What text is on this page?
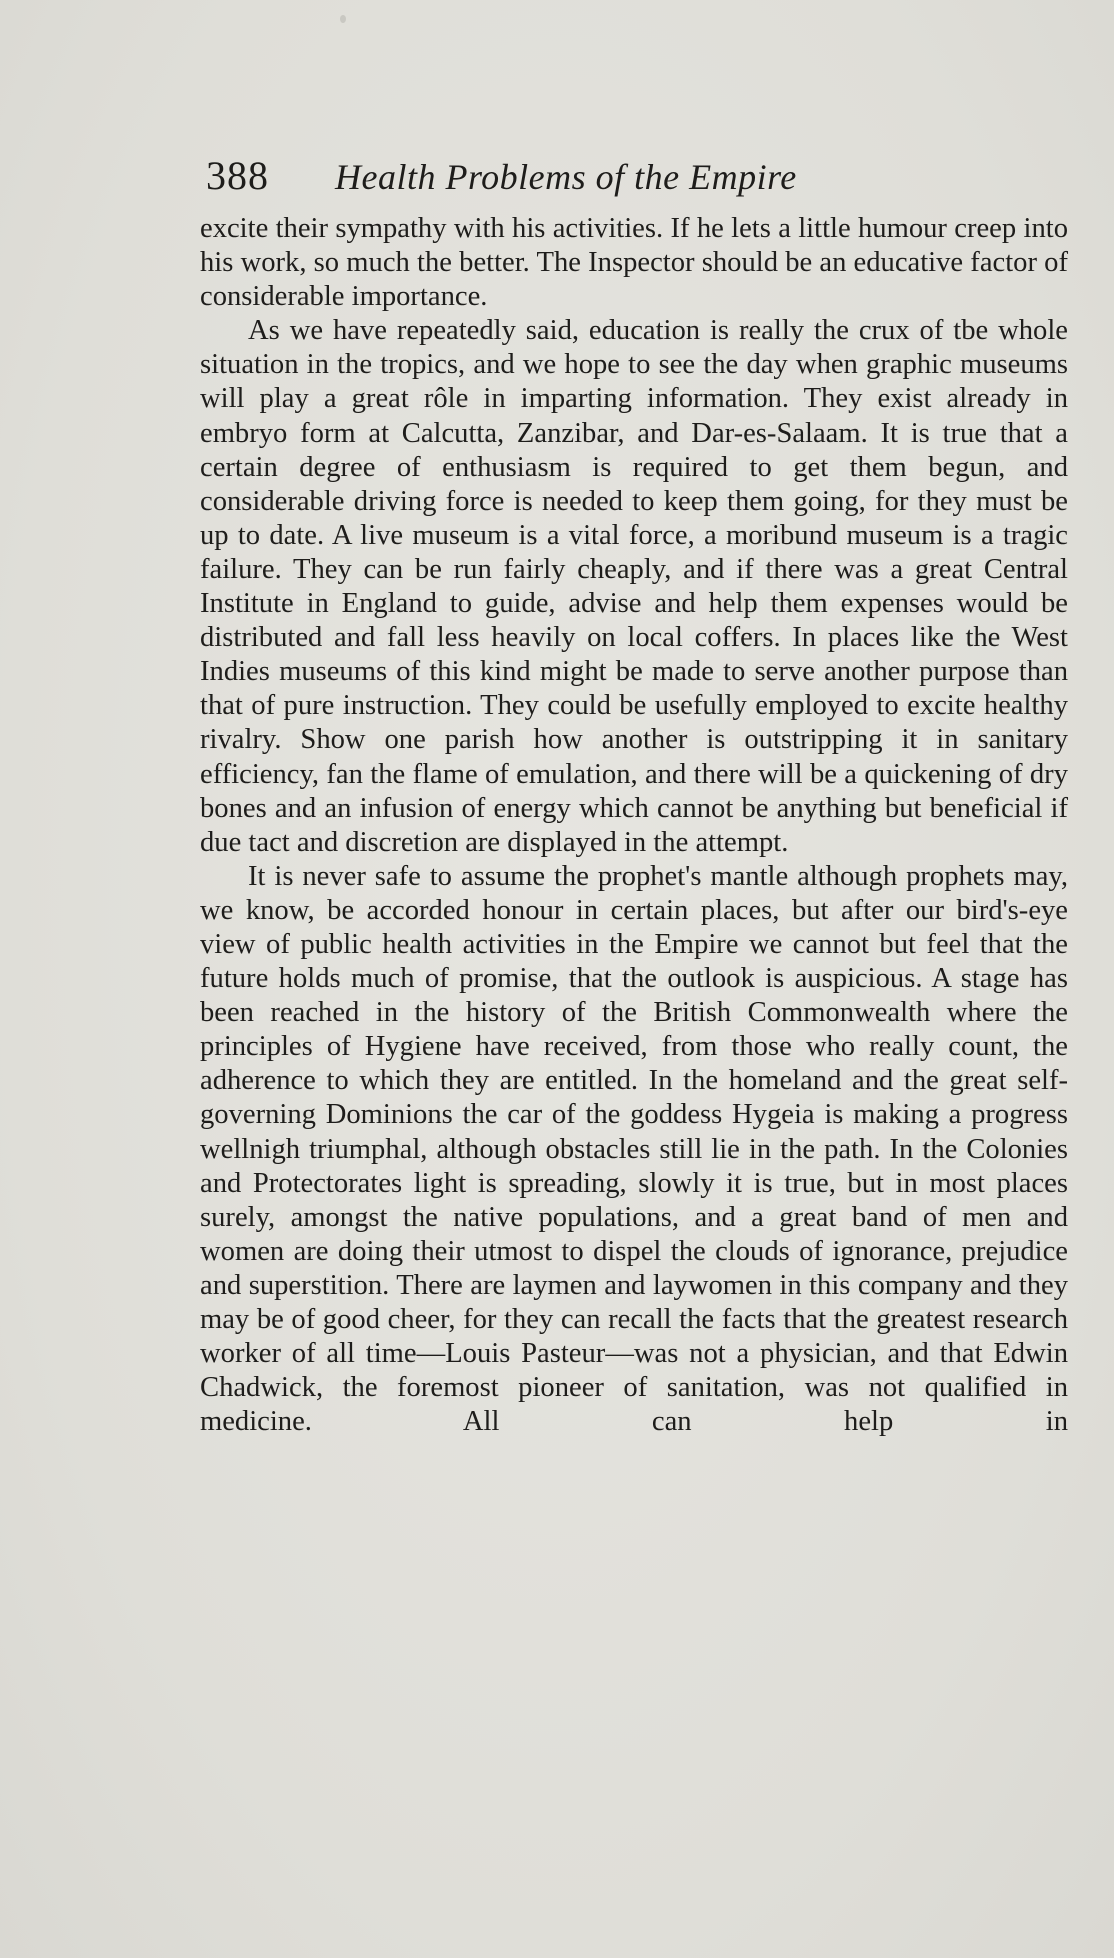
388 Health Problems of the Empire

excite their sympathy with his activities. If he lets a little humour creep into his work, so much the better. The Inspector should be an educative factor of considerable importance.

As we have repeatedly said, education is really the crux of tbe whole situation in the tropics, and we hope to see the day when graphic museums will play a great rôle in imparting information. They exist already in embryo form at Calcutta, Zanzibar, and Dar-es-Salaam. It is true that a certain degree of enthusiasm is required to get them begun, and considerable driving force is needed to keep them going, for they must be up to date. A live museum is a vital force, a moribund museum is a tragic failure. They can be run fairly cheaply, and if there was a great Central Institute in England to guide, advise and help them expenses would be distributed and fall less heavily on local coffers. In places like the West Indies museums of this kind might be made to serve another purpose than that of pure instruction. They could be usefully employed to excite healthy rivalry. Show one parish how another is outstripping it in sanitary efficiency, fan the flame of emulation, and there will be a quickening of dry bones and an infusion of energy which cannot be anything but beneficial if due tact and discretion are displayed in the attempt.

It is never safe to assume the prophet's mantle although prophets may, we know, be accorded honour in certain places, but after our bird's-eye view of public health activities in the Empire we cannot but feel that the future holds much of promise, that the outlook is auspicious. A stage has been reached in the history of the British Commonwealth where the principles of Hygiene have received, from those who really count, the adherence to which they are entitled. In the homeland and the great self-governing Dominions the car of the goddess Hygeia is making a progress wellnigh triumphal, although obstacles still lie in the path. In the Colonies and Protectorates light is spreading, slowly it is true, but in most places surely, amongst the native populations, and a great band of men and women are doing their utmost to dispel the clouds of ignorance, prejudice and superstition. There are laymen and laywomen in this company and they may be of good cheer, for they can recall the facts that the greatest research worker of all time—Louis Pasteur—was not a physician, and that Edwin Chadwick, the foremost pioneer of sanitation, was not qualified in medicine. All can help in
